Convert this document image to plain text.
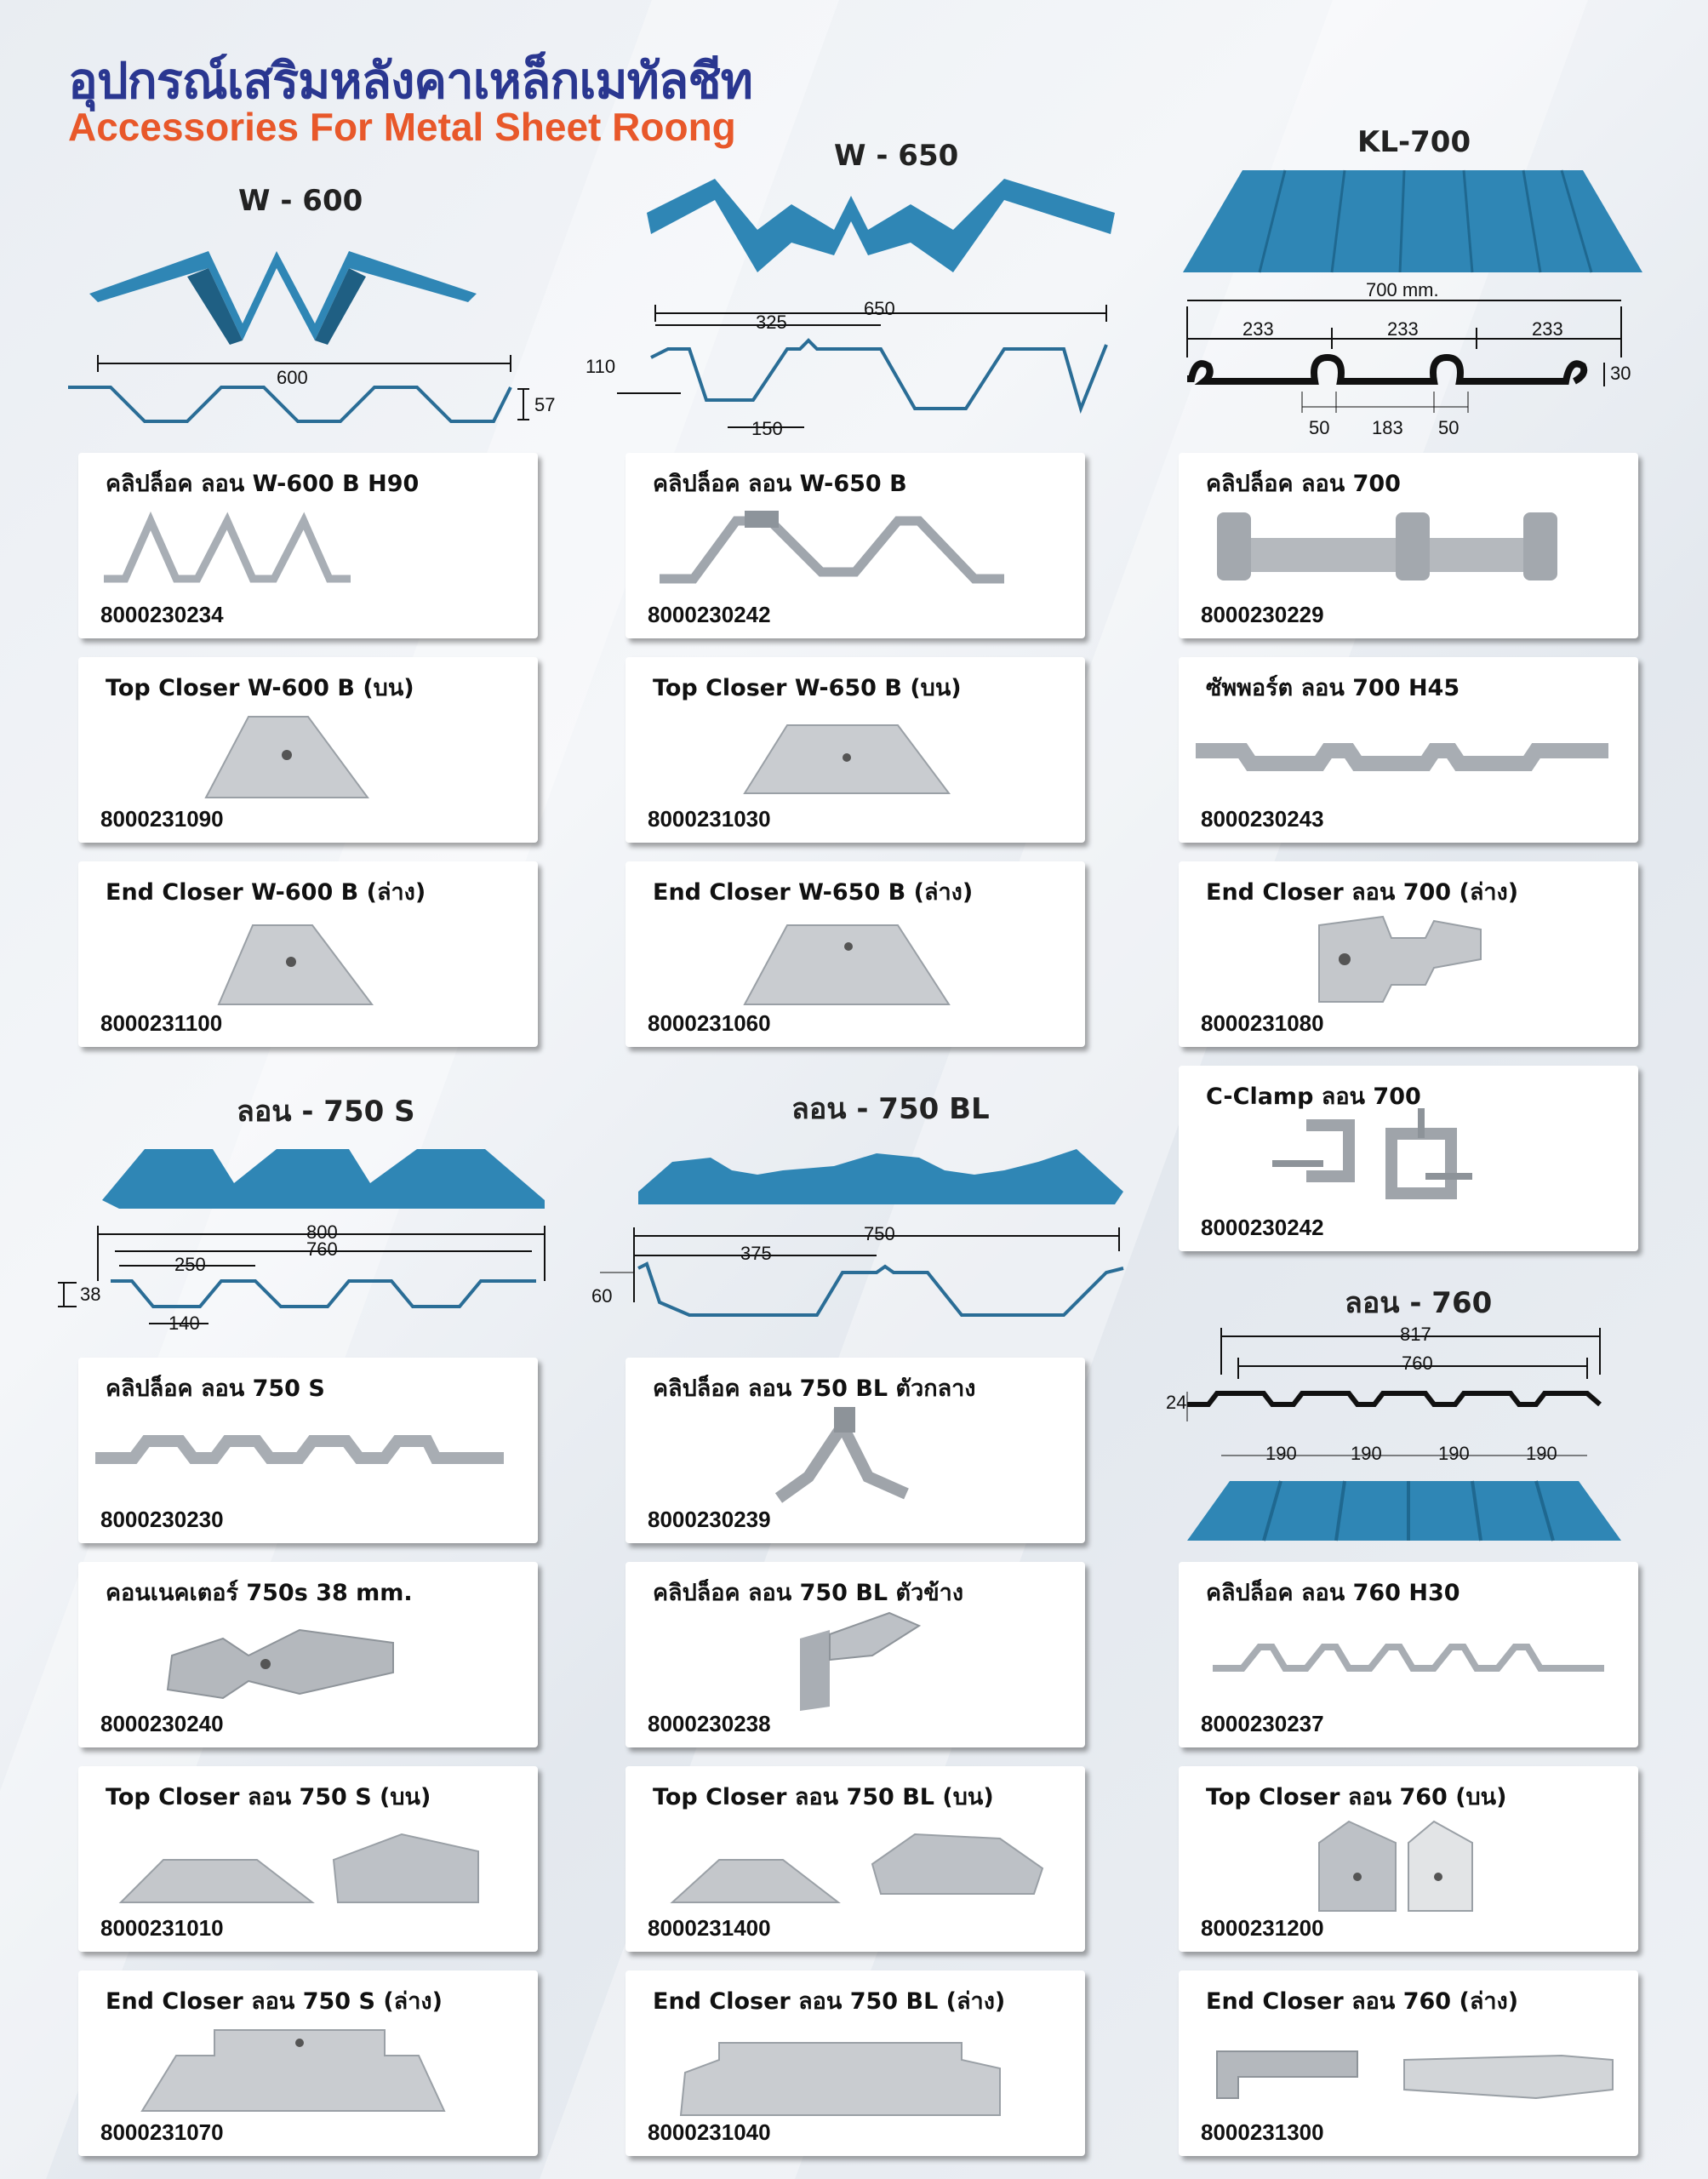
อุปกรณ์เสริมหลังคาเหล็กเมทัลชีท
Accessories For Metal Sheet Roong
W - 600
600
57
W - 650
650
325
110
150
KL-700
700 mm.
233	233	233
30
50 183 50
ลอน - 750 S
800
760
250
38
140
ลอน - 750 BL
750
375
60	ลอน - 760
817
760
24
190	190	190	190
คลิปล็อค ลอน W-600 B H90
8000230234
คลิปล็อค ลอน W-650 B
8000230242
คลิปล็อค ลอน 700
8000230229
Top Closer W-600 B (บน)
8000231090
Top Closer W-650 B (บน)
8000231030
ซัพพอร์ต ลอน 700 H45
8000230243
End Closer W-600 B (ล่าง)
8000231100
End Closer W-650 B (ล่าง)
8000231060
End Closer ลอน 700 (ล่าง)
8000231080
C-Clamp ลอน 700
8000230242
คลิปล็อค ลอน 750 S
8000230230
คลิปล็อค ลอน 750 BL ตัวกลาง
8000230239
คอนเนคเตอร์ 750s 38 mm.
8000230240
คลิปล็อค ลอน 750 BL ตัวข้าง
8000230238
คลิปล็อค ลอน 760 H30
8000230237
Top Closer ลอน 750 S (บน)
8000231010
Top Closer ลอน 750 BL (บน)
8000231400
Top Closer ลอน 760 (บน)
8000231200
End Closer ลอน 750 S (ล่าง)
8000231070
End Closer ลอน 750 BL (ล่าง)
8000231040
End Closer ลอน 760 (ล่าง)
8000231300
